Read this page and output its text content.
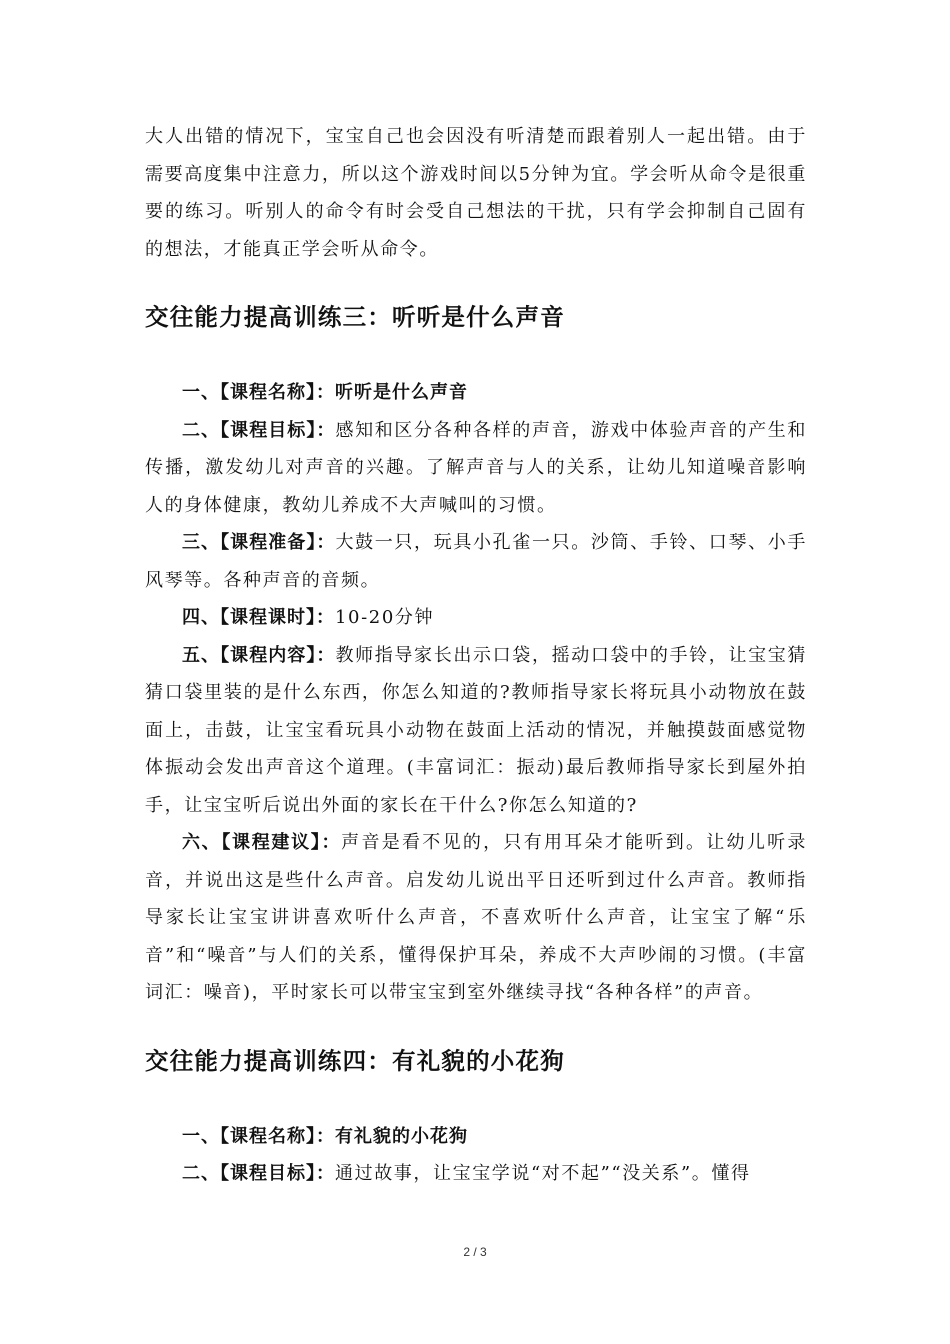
大人出错的情况下，宝宝自己也会因没有听清楚而跟着别人一起出错。由于需要高度集中注意力，所以这个游戏时间以5分钟为宜。学会听从命令是很重要的练习。听别人的命令有时会受自己想法的干扰，只有学会抑制自己固有的想法，才能真正学会听从命令。

交往能力提高训练三：听听是什么声音

一、【课程名称】：听听是什么声音

二、【课程目标】：感知和区分各种各样的声音，游戏中体验声音的产生和传播，激发幼儿对声音的兴趣。了解声音与人的关系，让幼儿知道噪音影响人的身体健康，教幼儿养成不大声喊叫的习惯。

三、【课程准备】：大鼓一只，玩具小孔雀一只。沙筒、手铃、口琴、小手风琴等。各种声音的音频。

四、【课程课时】：10-20分钟

五、【课程内容】：教师指导家长出示口袋，摇动口袋中的手铃，让宝宝猜猜口袋里装的是什么东西，你怎么知道的?教师指导家长将玩具小动物放在鼓面上，击鼓，让宝宝看玩具小动物在鼓面上活动的情况，并触摸鼓面感觉物体振动会发出声音这个道理。(丰富词汇：振动)最后教师指导家长到屋外拍手，让宝宝听后说出外面的家长在干什么?你怎么知道的?

六、【课程建议】：声音是看不见的，只有用耳朵才能听到。让幼儿听录音，并说出这是些什么声音。启发幼儿说出平日还听到过什么声音。教师指导家长让宝宝讲讲喜欢听什么声音，不喜欢听什么声音，让宝宝了解“乐音”和“噪音”与人们的关系，懂得保护耳朵，养成不大声吵闹的习惯。(丰富词汇：噪音)，平时家长可以带宝宝到室外继续寻找“各种各样”的声音。

交往能力提高训练四：有礼貌的小花狗

一、【课程名称】：有礼貌的小花狗

二、【课程目标】：通过故事，让宝宝学说“对不起”“没关系”。懂得

2 / 3
